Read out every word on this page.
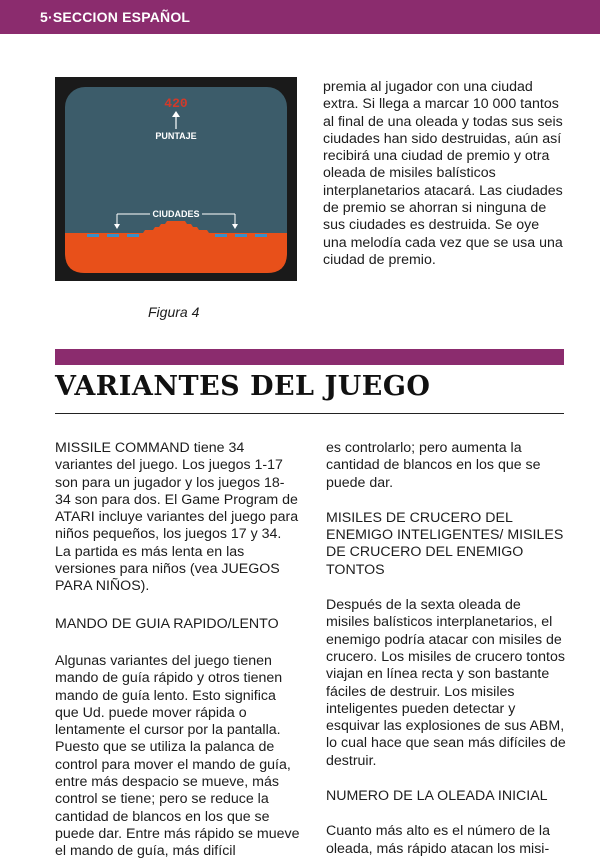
5·SECCION ESPAÑOL
420
PUNTAJE
CIUDADES
Figura 4

premia al jugador con una ciudad extra. Si llega a marcar 10 000 tantos al final de una oleada y todas sus seis ciudades han sido destruidas, aún así recibirá una ciudad de premio y otra oleada de misiles balísticos interplanetarios atacará. Las ciudades de premio se ahorran si ninguna de sus ciudades es destruida. Se oye una melodía cada vez que se usa una ciudad de premio.

VARIANTES DEL JUEGO

MISSILE COMMAND tiene 34 variantes del juego. Los juegos 1-17 son para un jugador y los juegos 18-34 son para dos. El Game Program de ATARI incluye variantes del juego para niños pequeños, los juegos 17 y 34. La partida es más lenta en las versiones para niños (vea JUEGOS PARA NIÑOS).

MANDO DE GUIA RAPIDO/LENTO

Algunas variantes del juego tienen mando de guía rápido y otros tienen mando de guía lento. Esto significa que Ud. puede mover rápida o lentamente el cursor por la pantalla. Puesto que se utiliza la palanca de control para mover el mando de guía, entre más despacio se mueve, más control se tiene; pero se reduce la cantidad de blancos en los que se puede dar. Entre más rápido se mueve el mando de guía, más difícil

es controlarlo; pero aumenta la cantidad de blancos en los que se puede dar.

MISILES DE CRUCERO DEL ENEMIGO INTELIGENTES/ MISILES DE CRUCERO DEL ENEMIGO TONTOS

Después de la sexta oleada de misiles balísticos interplanetarios, el enemigo podría atacar con misiles de crucero. Los misiles de crucero tontos viajan en línea recta y son bastante fáciles de destruir. Los misiles inteligentes pueden detectar y esquivar las explosiones de sus ABM, lo cual hace que sean más difíciles de destruir.

NUMERO DE LA OLEADA INICIAL

Cuanto más alto es el número de la oleada, más rápido atacan los misi-
